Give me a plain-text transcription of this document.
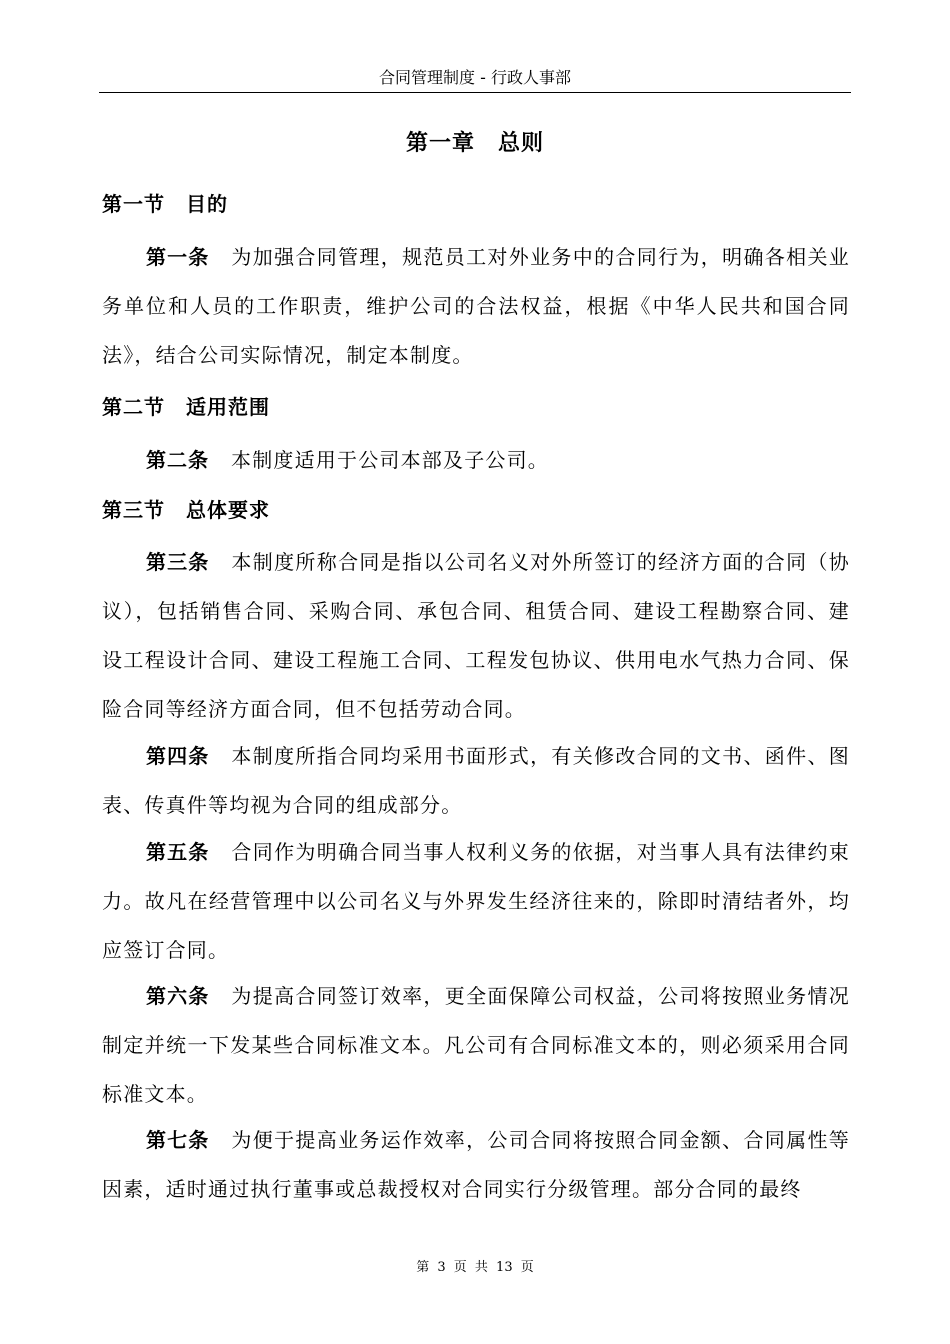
合同管理制度 - 行政人事部
第一章　总则
第一节　目的

第一条 为加强合同管理，规范员工对外业务中的合同行为，明确各相关业务单位和人员的工作职责，维护公司的合法权益，根据《中华人民共和国合同法》，结合公司实际情况，制定本制度。

第二节　适用范围

第二条 本制度适用于公司本部及子公司。

第三节　总体要求

第三条 本制度所称合同是指以公司名义对外所签订的经济方面的合同（协议），包括销售合同、采购合同、承包合同、租赁合同、建设工程勘察合同、建设工程设计合同、建设工程施工合同、工程发包协议、供用电水气热力合同、保险合同等经济方面合同，但不包括劳动合同。

第四条 本制度所指合同均采用书面形式，有关修改合同的文书、函件、图表、传真件等均视为合同的组成部分。

第五条 合同作为明确合同当事人权利义务的依据，对当事人具有法律约束力。故凡在经营管理中以公司名义与外界发生经济往来的，除即时清结者外，均应签订合同。

第六条 为提高合同签订效率，更全面保障公司权益，公司将按照业务情况制定并统一下发某些合同标准文本。凡公司有合同标准文本的，则必须采用合同标准文本。

第七条 为便于提高业务运作效率，公司合同将按照合同金额、合同属性等因素，适时通过执行董事或总裁授权对合同实行分级管理。部分合同的最终

第 3 页 共 13 页
